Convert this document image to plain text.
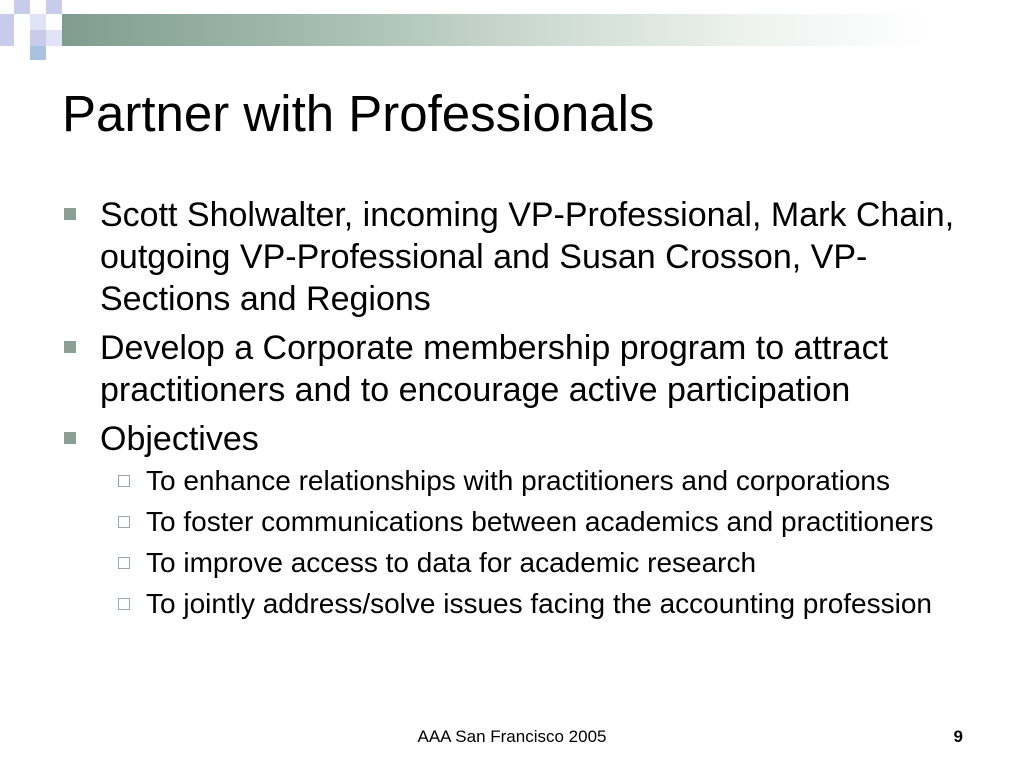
Partner with Professionals
Scott Sholwalter, incoming VP-Professional, Mark Chain, outgoing VP-Professional and Susan Crosson, VP-Sections and Regions
Develop a Corporate membership program to attract practitioners and to encourage active participation
Objectives
To enhance relationships with practitioners and corporations
To foster communications between academics and practitioners
To improve access to data for academic research
To jointly address/solve issues facing the accounting profession
AAA San Francisco 2005	9
